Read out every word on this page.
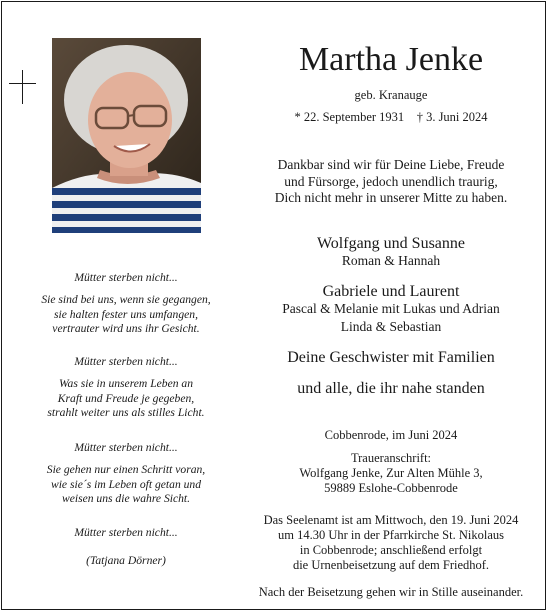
Martha Jenke
geb. Kranauge
* 22. September 1931 † 3. Juni 2024
Dankbar sind wir für Deine Liebe, Freude
und Fürsorge, jedoch unendlich traurig,
Dich nicht mehr in unserer Mitte zu haben.
Wolfgang und Susanne
Roman & Hannah
Gabriele und Laurent
Pascal & Melanie mit Lukas und Adrian
Linda & Sebastian
Deine Geschwister mit Familien
und alle, die ihr nahe standen
Cobbenrode, im Juni 2024
Traueranschrift:
Wolfgang Jenke, Zur Alten Mühle 3,
59889 Eslohe-Cobbenrode
Das Seelenamt ist am Mittwoch, den 19. Juni 2024
um 14.30 Uhr in der Pfarrkirche St. Nikolaus
in Cobbenrode; anschließend erfolgt
die Urnenbeisetzung auf dem Friedhof.
Nach der Beisetzung gehen wir in Stille auseinander.
Mütter sterben nicht...

Sie sind bei uns, wenn sie gegangen,

sie halten fester uns umfangen,

vertrauter wird uns ihr Gesicht.

Mütter sterben nicht...

Was sie in unserem Leben an

Kraft und Freude je gegeben,

strahlt weiter uns als stilles Licht.

Mütter sterben nicht...

Sie gehen nur einen Schritt voran,

wie sie´s im Leben oft getan und

weisen uns die wahre Sicht.

Mütter sterben nicht...
(Tatjana Dörner)
